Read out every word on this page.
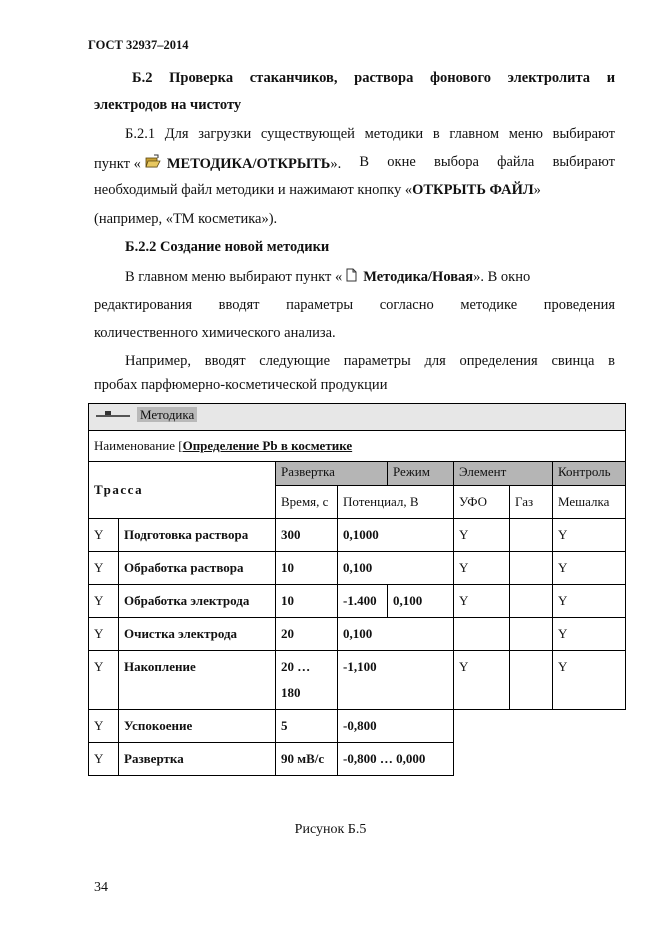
ГОСТ 32937–2014
Б.2 Проверка стаканчиков, раствора фонового электролита и
электродов на чистоту
Б.2.1 Для загрузки существующей методики в главном меню выбирают
пункт « МЕТОДИКА/ОТКРЫТЬ». В окне выбора файла выбирают
необходимый файл методики и нажимают кнопку «ОТКРЫТЬ ФАЙЛ»
(например, «ТМ косметика»).
Б.2.2 Создание новой методики
В главном меню выбирают пункт « Методика/Новая». В окно
редактирования вводят параметры согласно методике проведения
количественного химического анализа.
Например, вводят следующие параметры для определения свинца в
пробах парфюмерно-косметической продукции
Методика							
Наименование [Определение Pb в косметике							
Трасса		Развертка		Режим	Элемент		Контроль
		Время, с	Потенциал, В		УФО	Газ	Мешалка
Y	Подготовка раствора	300	0,1000		Y		Y
Y	Обработка раствора	10	0,100		Y		Y
Y	Обработка электрода	10	-1.400	0,100	Y		Y
Y	Очистка электрода	20	0,100				Y
Y	Накопление	20 … 180	-1,100		Y		Y
Y	Успокоение	5	-0,800				
Y	Развертка	90 мВ/с	-0,800 … 0,000				
Рисунок Б.5
34
